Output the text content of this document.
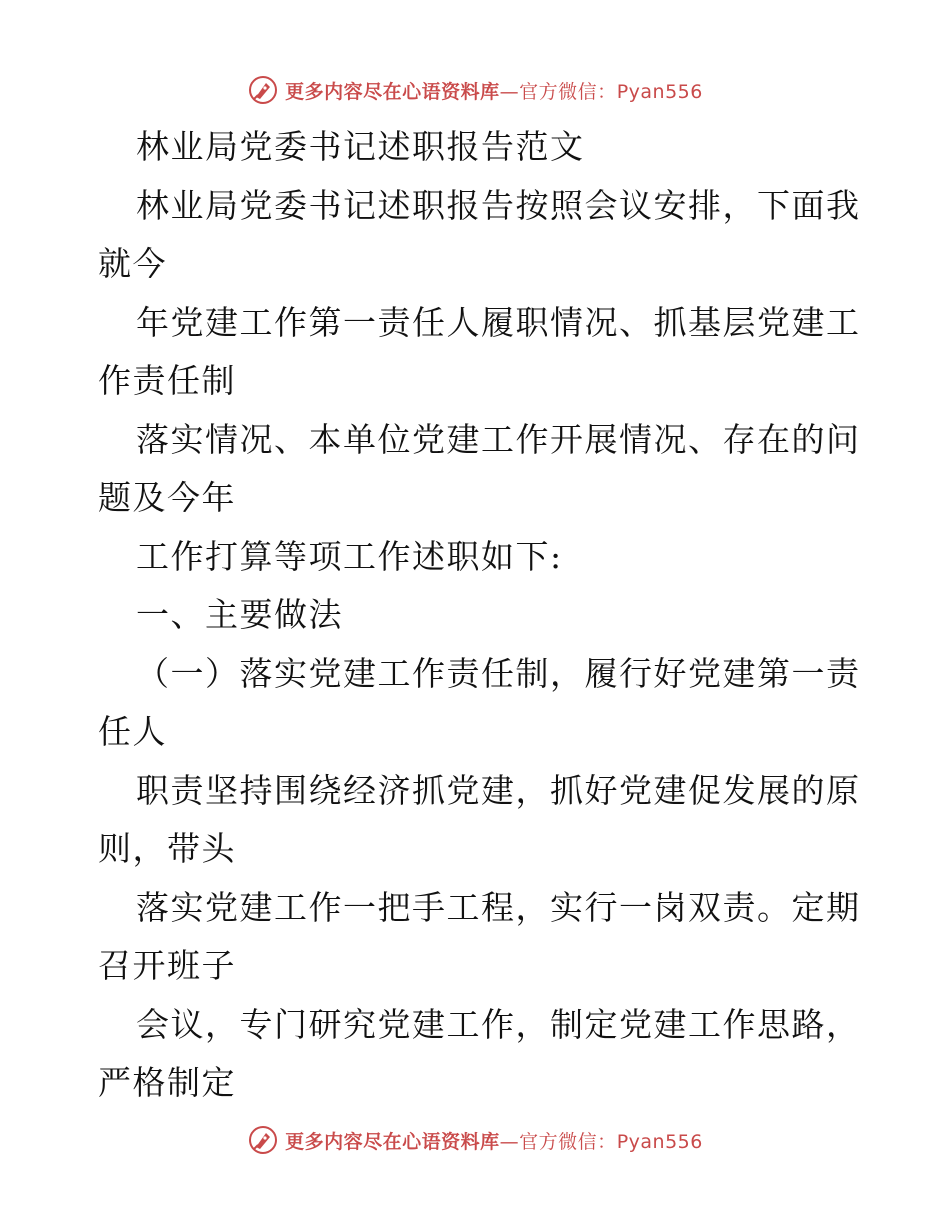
更多内容尽在心语资料库—官方微信：Pyan556
林业局党委书记述职报告范文
林业局党委书记述职报告按照会议安排，下面我
就今
年党建工作第一责任人履职情况、抓基层党建工
作责任制
落实情况、本单位党建工作开展情况、存在的问
题及今年
工作打算等项工作述职如下:
一、主要做法
（一）落实党建工作责任制，履行好党建第一责
任人
职责坚持围绕经济抓党建，抓好党建促发展的原
则，带头
落实党建工作一把手工程，实行一岗双责。定期
召开班子
会议，专门研究党建工作，制定党建工作思路，
严格制定
更多内容尽在心语资料库—官方微信：Pyan556
